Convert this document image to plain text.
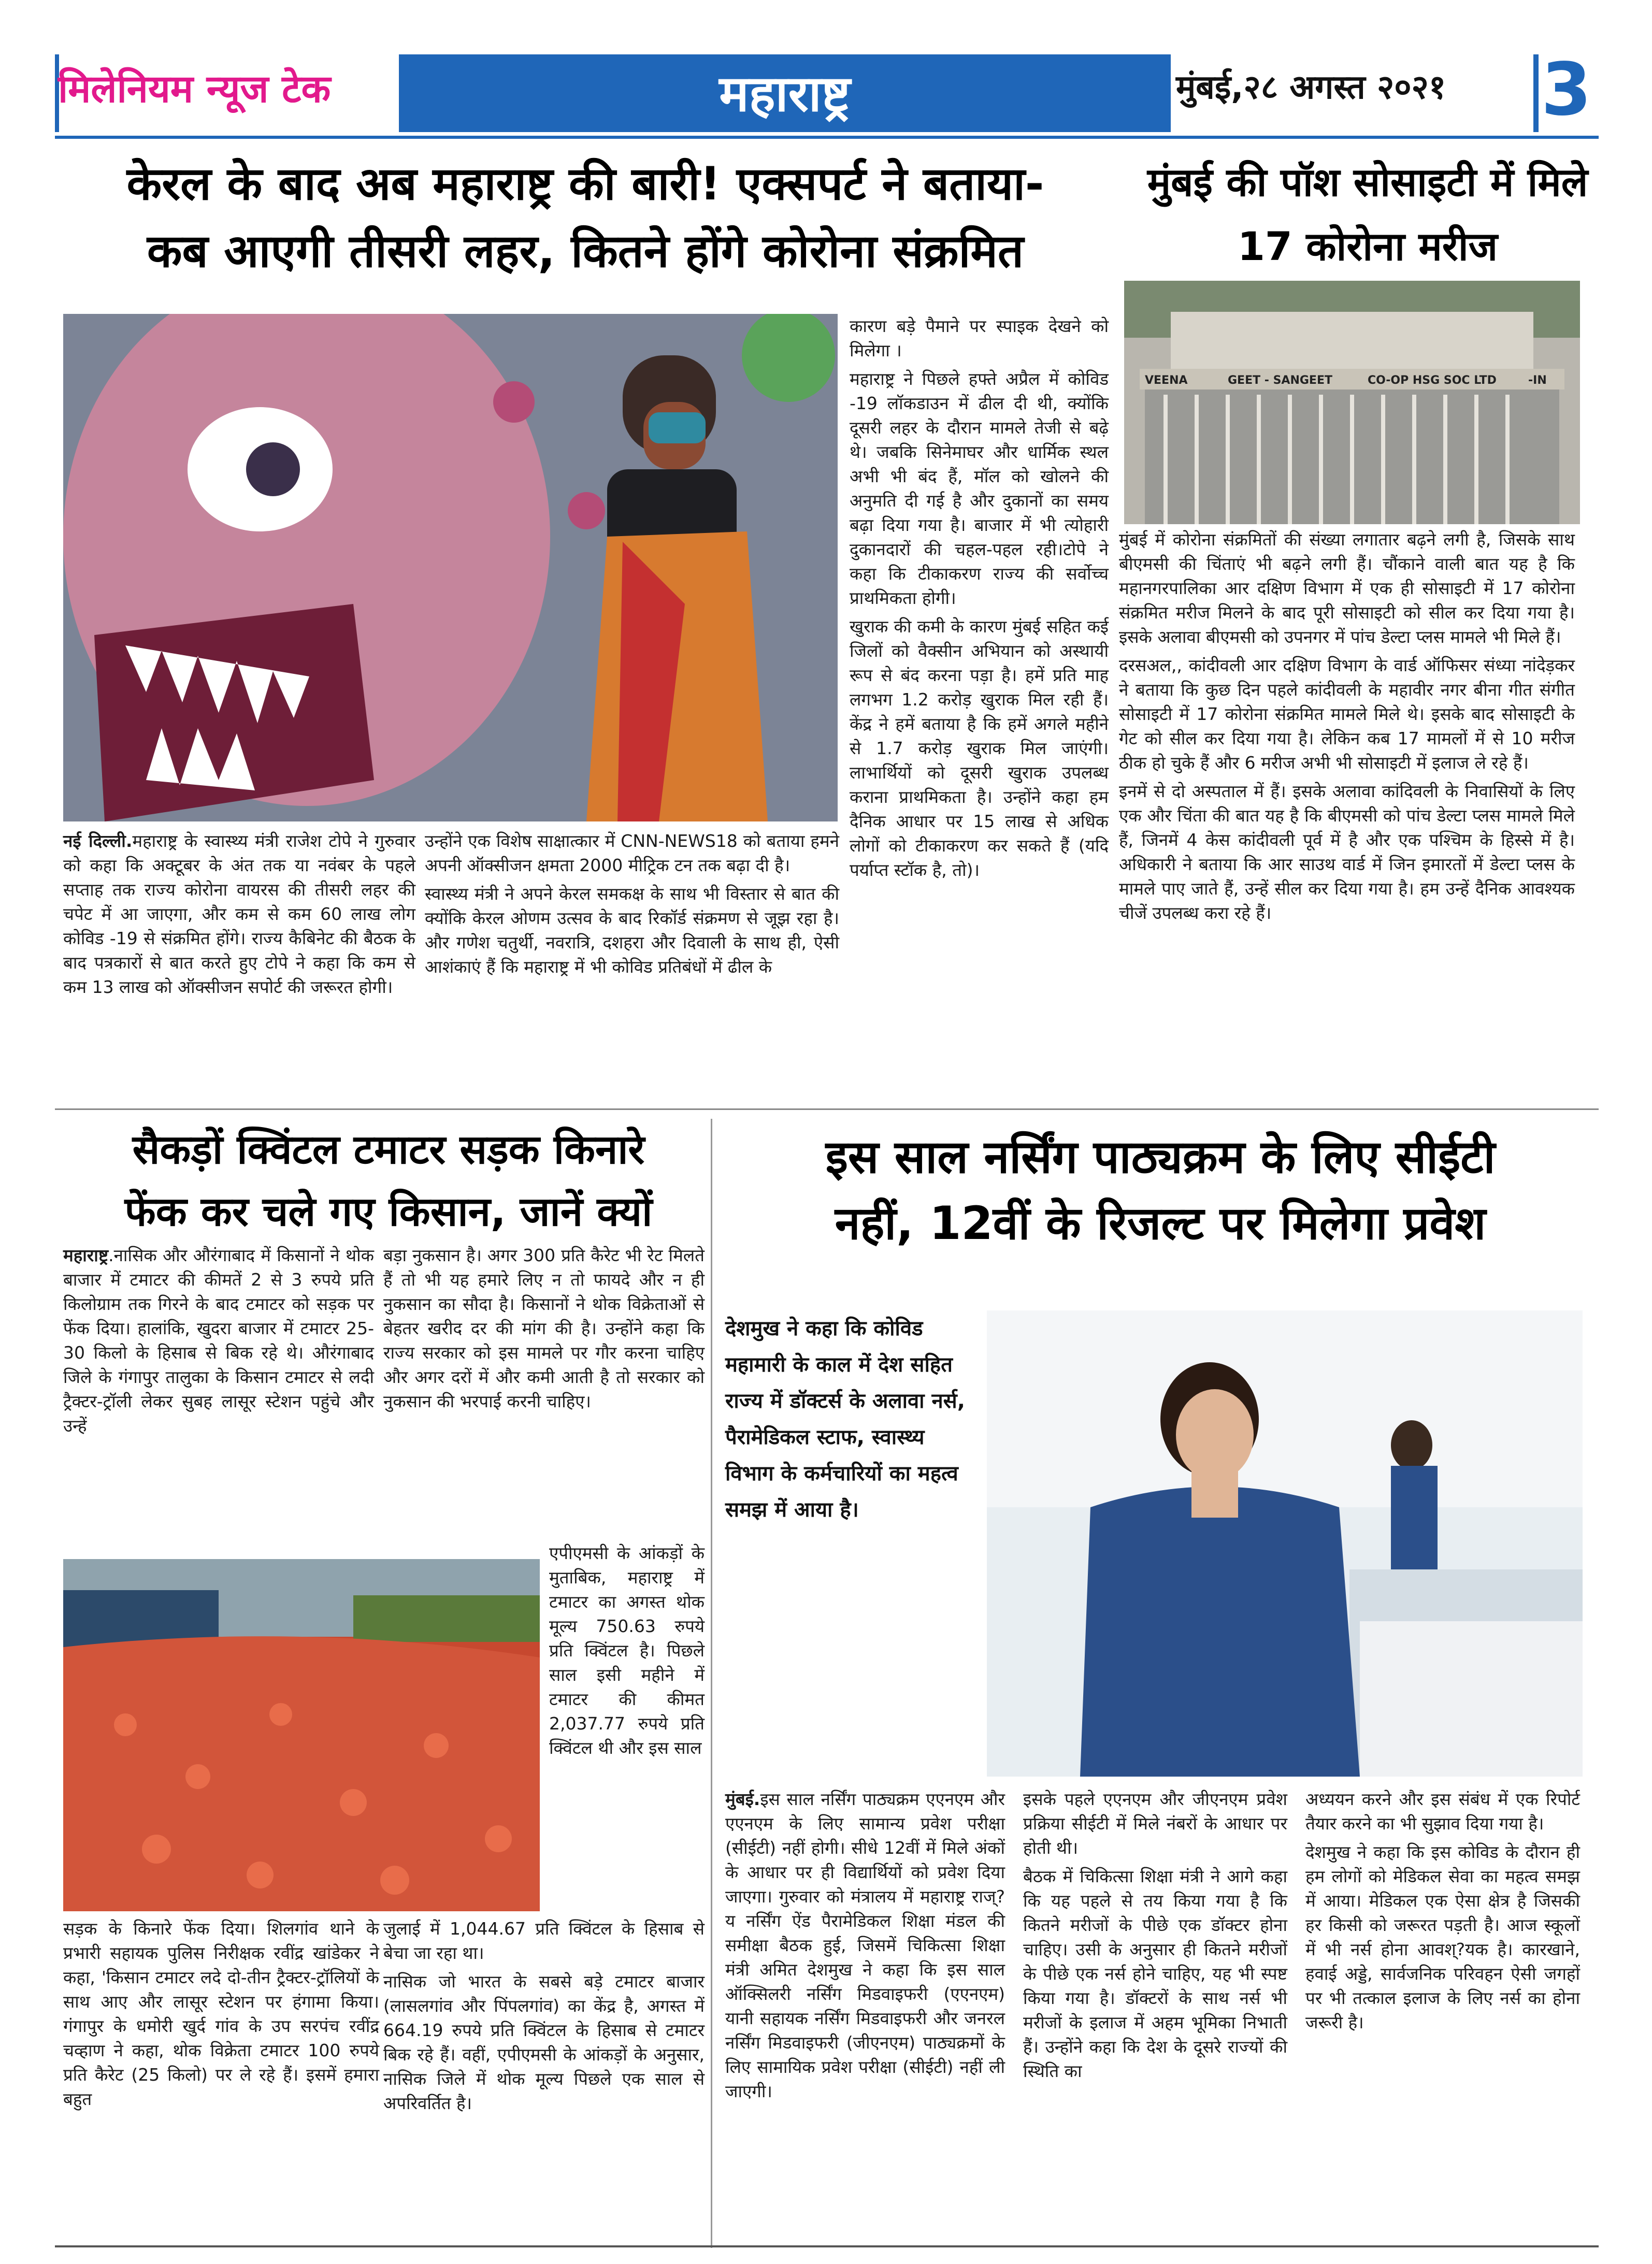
मिलेनियम न्यूज टेक	महाराष्ट्र	मुंबई,२८ अगस्त २०२१ 3
केरल के बाद अब महाराष्ट्र की बारी! एक्सपर्ट ने बताया-
कब आएगी तीसरी लहर, कितने होंगे कोरोना संक्रमित

कारण बड़े पैमाने पर स्पाइक देखने को मिलेगा ।

महाराष्ट्र ने पिछले हफ्ते अप्रैल में कोविड -19 लॉकडाउन में ढील दी थी, क्योंकि दूसरी लहर के दौरान मामले तेजी से बढ़े थे। जबकि सिनेमाघर और धार्मिक स्थल अभी भी बंद हैं, मॉल को खोलने की अनुमति दी गई है और दुकानों का समय बढ़ा दिया गया है। बाजार में भी त्योहारी दुकानदारों की चहल-पहल रही।टोपे ने कहा कि टीकाकरण राज्य की सर्वोच्च प्राथमिकता होगी।

खुराक की कमी के कारण मुंबई सहित कई जिलों को वैक्सीन अभियान को अस्थायी रूप से बंद करना पड़ा है। हमें प्रति माह लगभग 1.2 करोड़ खुराक मिल रही हैं। केंद्र ने हमें बताया है कि हमें अगले महीने से 1.7 करोड़ खुराक मिल जाएंगी। लाभार्थियों को दूसरी खुराक उपलब्ध कराना प्राथमिकता है। उन्होंने कहा हम दैनिक आधार पर 15 लाख से अधिक लोगों को टीकाकरण कर सकते हैं (यदि पर्याप्त स्टॉक है, तो)।

नई दिल्ली.महाराष्ट्र के स्वास्थ्य मंत्री राजेश टोपे ने गुरुवार को कहा कि अक्टूबर के अंत तक या नवंबर के पहले सप्ताह तक राज्य कोरोना वायरस की तीसरी लहर की चपेट में आ जाएगा, और कम से कम 60 लाख लोग कोविड -19 से संक्रमित होंगे। राज्य कैबिनेट की बैठक के बाद पत्रकारों से बात करते हुए टोपे ने कहा कि कम से कम 13 लाख को ऑक्सीजन सपोर्ट की जरूरत होगी।

उन्होंने एक विशेष साक्षात्कार में CNN-NEWS18 को बताया हमने अपनी ऑक्सीजन क्षमता 2000 मीट्रिक टन तक बढ़ा दी है।

स्वास्थ्य मंत्री ने अपने केरल समकक्ष के साथ भी विस्तार से बात की क्योंकि केरल ओणम उत्सव के बाद रिकॉर्ड संक्रमण से जूझ रहा है। और गणेश चतुर्थी, नवरात्रि, दशहरा और दिवाली के साथ ही, ऐसी आशंकाएं हैं कि महाराष्ट्र में भी कोविड प्रतिबंधों में ढील के

मुंबई की पॉश सोसाइटी में मिले
17 कोरोना मरीज
VEENA	GEET - SANGEET	CO-OP HSG SOC LTD	-IN

मुंबई में कोरोना संक्रमितों की संख्या लगातार बढ़ने लगी है, जिसके साथ बीएमसी की चिंताएं भी बढ़ने लगी हैं। चौंकाने वाली बात यह है कि महानगरपालिका आर दक्षिण विभाग में एक ही सोसाइटी में 17 कोरोना संक्रमित मरीज मिलने के बाद पूरी सोसाइटी को सील कर दिया गया है। इसके अलावा बीएमसी को उपनगर में पांच डेल्टा प्लस मामले भी मिले हैं।

दरसअल,, कांदीवली आर दक्षिण विभाग के वार्ड ऑफिसर संध्या नांदेड़कर ने बताया कि कुछ दिन पहले कांदीवली के महावीर नगर बीना गीत संगीत सोसाइटी में 17 कोरोना संक्रमित मामले मिले थे। इसके बाद सोसाइटी के गेट को सील कर दिया गया है। लेकिन कब 17 मामलों में से 10 मरीज ठीक हो चुके हैं और 6 मरीज अभी भी सोसाइटी में इलाज ले रहे हैं।

इनमें से दो अस्पताल में हैं। इसके अलावा कांदिवली के निवासियों के लिए एक और चिंता की बात यह है कि बीएमसी को पांच डेल्टा प्लस मामले मिले हैं, जिनमें 4 केस कांदीवली पूर्व में है और एक पश्चिम के हिस्से में है। अधिकारी ने बताया कि आर साउथ वार्ड में जिन इमारतों में डेल्टा प्लस के मामले पाए जाते हैं, उन्हें सील कर दिया गया है। हम उन्हें दैनिक आवश्यक चीजें उपलब्ध करा रहे हैं।

सैकड़ों क्विंटल टमाटर सड़क किनारे
फेंक कर चले गए किसान, जानें क्यों

महाराष्ट्र.नासिक और औरंगाबाद में किसानों ने थोक बाजार में टमाटर की कीमतें 2 से 3 रुपये प्रति किलोग्राम तक गिरने के बाद टमाटर को सड़क पर फेंक दिया। हालांकि, खुदरा बाजार में टमाटर 25-30 किलो के हिसाब से बिक रहे थे। औरंगाबाद जिले के गंगापुर तालुका के किसान टमाटर से लदी ट्रैक्टर-ट्रॉली लेकर सुबह लासूर स्टेशन पहुंचे और उन्हें

बड़ा नुकसान है। अगर 300 प्रति कैरेट भी रेट मिलते हैं तो भी यह हमारे लिए न तो फायदे और न ही नुकसान का सौदा है। किसानों ने थोक विक्रेताओं से बेहतर खरीद दर की मांग की है। उन्होंने कहा कि राज्य सरकार को इस मामले पर गौर करना चाहिए और अगर दरों में और कमी आती है तो सरकार को नुकसान की भरपाई करनी चाहिए।

एपीएमसी के आंकड़ों के मुताबिक, महाराष्ट्र में टमाटर का अगस्त थोक मूल्य 750.63 रुपये प्रति क्विंटल है। पिछले साल इसी महीने में टमाटर की कीमत 2,037.77 रुपये प्रति क्विंटल थी और इस साल

सड़क के किनारे फेंक दिया। शिलगांव थाने के प्रभारी सहायक पुलिस निरीक्षक रवींद्र खांडेकर ने कहा, 'किसान टमाटर लदे दो-तीन ट्रैक्टर-ट्रॉलियों के साथ आए और लासूर स्टेशन पर हंगामा किया। गंगापुर के धमोरी खुर्द गांव के उप सरपंच रवींद्र चव्हाण ने कहा, थोक विक्रेता टमाटर 100 रुपये प्रति कैरेट (25 किलो) पर ले रहे हैं। इसमें हमारा बहुत

जुलाई में 1,044.67 प्रति क्विंटल के हिसाब से बेचा जा रहा था।

नासिक जो भारत के सबसे बड़े टमाटर बाजार (लासलगांव और पिंपलगांव) का केंद्र है, अगस्त में 664.19 रुपये प्रति क्विंटल के हिसाब से टमाटर बिक रहे हैं। वहीं, एपीएमसी के आंकड़ों के अनुसार, नासिक जिले में थोक मूल्य पिछले एक साल से अपरिवर्तित है।

इस साल नर्सिंग पाठ्यक्रम के लिए सीईटी
नहीं, 12वीं के रिजल्ट पर मिलेगा प्रवेश
देशमुख ने कहा कि कोविड महामारी के काल में देश सहित राज्य में डॉक्टर्स के अलावा नर्स, पैरामेडिकल स्टाफ, स्वास्थ्य विभाग के कर्मचारियों का महत्व समझ में आया है।

मुंबई.इस साल नर्सिंग पाठ्यक्रम एएनएम और एएनएम के लिए सामान्य प्रवेश परीक्षा (सीईटी) नहीं होगी। सीधे 12वीं में मिले अंकों के आधार पर ही विद्यार्थियों को प्रवेश दिया जाएगा। गुरुवार को मंत्रालय में महाराष्ट्र राज्?य नर्सिंग ऐंड पैरामेडिकल शिक्षा मंडल की समीक्षा बैठक हुई, जिसमें चिकित्सा शिक्षा मंत्री अमित देशमुख ने कहा कि इस साल ऑक्सिलरी नर्सिंग मिडवाइफरी (एएनएम) यानी सहायक नर्सिंग मिडवाइफरी और जनरल नर्सिंग मिडवाइफरी (जीएनएम) पाठ्यक्रमों के लिए सामायिक प्रवेश परीक्षा (सीईटी) नहीं ली जाएगी।

इसके पहले एएनएम और जीएनएम प्रवेश प्रक्रिया सीईटी में मिले नंबरों के आधार पर होती थी।

बैठक में चिकित्सा शिक्षा मंत्री ने आगे कहा कि यह पहले से तय किया गया है कि कितने मरीजों के पीछे एक डॉक्टर होना चाहिए। उसी के अनुसार ही कितने मरीजों के पीछे एक नर्स होने चाहिए, यह भी स्पष्ट किया गया है। डॉक्टरों के साथ नर्स भी मरीजों के इलाज में अहम भूमिका निभाती हैं। उन्होंने कहा कि देश के दूसरे राज्यों की स्थिति का

अध्ययन करने और इस संबंध में एक रिपोर्ट तैयार करने का भी सुझाव दिया गया है।

देशमुख ने कहा कि इस कोविड के दौरान ही हम लोगों को मेडिकल सेवा का महत्व समझ में आया। मेडिकल एक ऐसा क्षेत्र है जिसकी हर किसी को जरूरत पड़ती है। आज स्कूलों में भी नर्स होना आवश्?यक है। कारखाने, हवाई अड्डे, सार्वजनिक परिवहन ऐसी जगहों पर भी तत्काल इलाज के लिए नर्स का होना जरूरी है।
